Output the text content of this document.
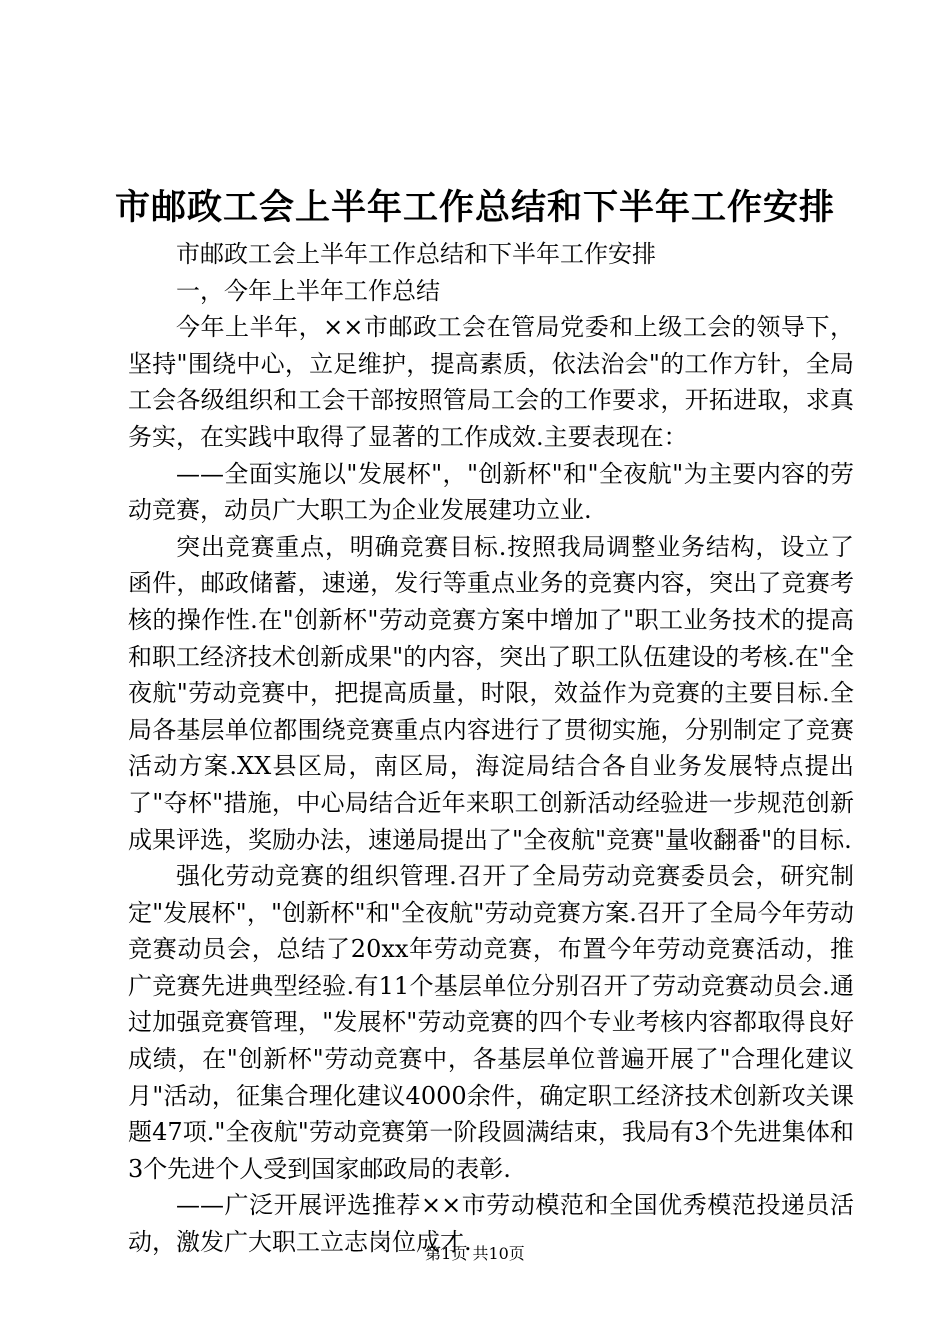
市邮政工会上半年工作总结和下半年工作安排

市邮政工会上半年工作总结和下半年工作安排

一，今年上半年工作总结

今年上半年，××市邮政工会在管局党委和上级工会的领导下，坚持"围绕中心，立足维护，提高素质，依法治会"的工作方针，全局工会各级组织和工会干部按照管局工会的工作要求，开拓进取，求真务实，在实践中取得了显著的工作成效.主要表现在：

——全面实施以"发展杯"，"创新杯"和"全夜航"为主要内容的劳动竞赛，动员广大职工为企业发展建功立业.

突出竞赛重点，明确竞赛目标.按照我局调整业务结构，设立了函件，邮政储蓄，速递，发行等重点业务的竞赛内容，突出了竞赛考核的操作性.在"创新杯"劳动竞赛方案中增加了"职工业务技术的提高和职工经济技术创新成果"的内容，突出了职工队伍建设的考核.在"全夜航"劳动竞赛中，把提高质量，时限，效益作为竞赛的主要目标.全局各基层单位都围绕竞赛重点内容进行了贯彻实施，分别制定了竞赛活动方案.XX县区局，南区局，海淀局结合各自业务发展特点提出了"夺杯"措施，中心局结合近年来职工创新活动经验进一步规范创新成果评选，奖励办法，速递局提出了"全夜航"竞赛"量收翻番"的目标.

强化劳动竞赛的组织管理.召开了全局劳动竞赛委员会，研究制定"发展杯"，"创新杯"和"全夜航"劳动竞赛方案.召开了全局今年劳动竞赛动员会，总结了20xx年劳动竞赛，布置今年劳动竞赛活动，推广竞赛先进典型经验.有11个基层单位分别召开了劳动竞赛动员会.通过加强竞赛管理，"发展杯"劳动竞赛的四个专业考核内容都取得良好成绩，在"创新杯"劳动竞赛中，各基层单位普遍开展了"合理化建议月"活动，征集合理化建议4000余件，确定职工经济技术创新攻关课题47项."全夜航"劳动竞赛第一阶段圆满结束，我局有3个先进集体和3个先进个人受到国家邮政局的表彰.

——广泛开展评选推荐××市劳动模范和全国优秀模范投递员活动，激发广大职工立志岗位成才.

第1页 共10页
